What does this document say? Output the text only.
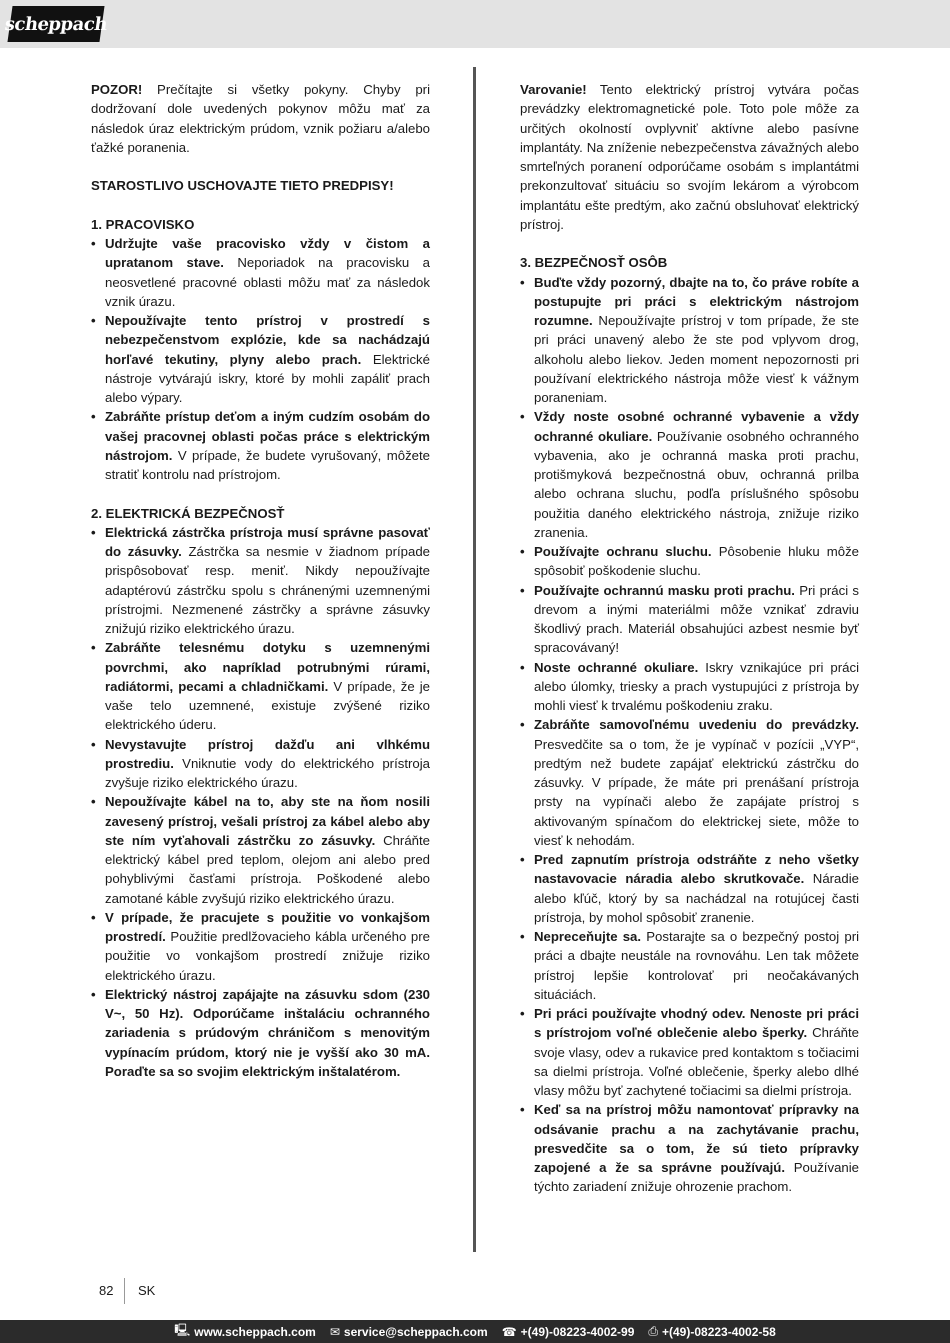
scheppach

POZOR! Prečítajte si všetky pokyny. Chyby pri dodržovaní dole uvedených pokynov môžu mať za následok úraz elektrickým prúdom, vznik požiaru a/alebo ťažké poranenia.

STAROSTLIVO USCHOVAJTE TIETO PREDPISY!

1. PRACOVISKO

• Udržujte vaše pracovisko vždy v čistom a upratanom stave. Neporiadok na pracovisku a neosvetlené pracovné oblasti môžu mať za následok vznik úrazu.
• Nepoužívajte tento prístroj v prostredí s nebezpečenstvom explózie, kde sa nachádzajú horľavé tekutiny, plyny alebo prach. Elektrické nástroje vytvárajú iskry, ktoré by mohli zapáliť prach alebo výpary.
• Zabráňte prístup deťom a iným cudzím osobám do vašej pracovnej oblasti počas práce s elektrickým nástrojom. V prípade, že budete vyrušovaný, môžete stratiť kontrolu nad prístrojom.

2. ELEKTRICKÁ BEZPEČNOSŤ

• Elektrická zástrčka prístroja musí správne pasovať do zásuvky. Zástrčka sa nesmie v žiadnom prípade prispôsobovať resp. meniť. Nikdy nepoužívajte adaptérovú zástrčku spolu s chránenými uzemnenými prístrojmi. Nezmenené zástrčky a správne zásuvky znižujú riziko elektrického úrazu.
• Zabráňte telesnému dotyku s uzemnenými povrchmi, ako napríklad potrubnými rúrami, radiátormi, pecami a chladničkami. V prípade, že je vaše telo uzemnené, existuje zvýšené riziko elektrického úderu.
• Nevystavujte prístroj dažďu ani vlhkému prostrediu. Vniknutie vody do elektrického prístroja zvyšuje riziko elektrického úrazu.
• Nepoužívajte kábel na to, aby ste na ňom nosili zavesený prístroj, vešali prístroj za kábel alebo aby ste ním vyťahovali zástrčku zo zásuvky. Chráňte elektrický kábel pred teplom, olejom ani alebo pred pohyblivými časťami prístroja. Poškodené alebo zamotané káble zvyšujú riziko elektrického úrazu.
• V prípade, že pracujete s použitie vo vonkajšom prostredí. Použitie predlžovacieho kábla určeného pre použitie vo vonkajšom prostredí znižuje riziko elektrického úrazu.
• Elektrický nástroj zapájajte na zásuvku sdom (230 V~, 50 Hz). Odporúčame inštaláciu ochranného zariadenia s prúdovým chráničom s menovitým vypínacím prúdom, ktorý nie je vyšší ako 30 mA. Poraďte sa so svojim elektrickým inštalatérom.

Varovanie! Tento elektrický prístroj vytvára počas prevádzky elektromagnetické pole. Toto pole môže za určitých okolností ovplyvniť aktívne alebo pasívne implantáty. Na zníženie nebezpečenstva závažných alebo smrteľných poranení odporúčame osobám s implantátmi prekonzultovať situáciu so svojím lekárom a výrobcom implantátu ešte predtým, ako začnú obsluhovať elektrický prístroj.

3. BEZPEČNOSŤ OSÔB

• Buďte vždy pozorný, dbajte na to, čo práve robíte a postupujte pri práci s elektrickým nástrojom rozumne. Nepoužívajte prístroj v tom prípade, že ste pri práci unavený alebo že ste pod vplyvom drog, alkoholu alebo liekov. Jeden moment nepozornosti pri používaní elektrického nástroja môže viesť k vážnym poraneniam.
• Vždy noste osobné ochranné vybavenie a vždy ochranné okuliare. Používanie osobného ochranného vybavenia, ako je ochranná maska proti prachu, protišmyková bezpečnostná obuv, ochranná prilba alebo ochrana sluchu, podľa príslušného spôsobu použitia daného elektrického nástroja, znižuje riziko zranenia.
• Používajte ochranu sluchu. Pôsobenie hluku môže spôsobiť poškodenie sluchu.
• Používajte ochrannú masku proti prachu. Pri práci s drevom a inými materiálmi môže vznikať zdraviu škodlivý prach. Materiál obsahujúci azbest nesmie byť spracovávaný!
• Noste ochranné okuliare. Iskry vznikajúce pri práci alebo úlomky, triesky a prach vystupujúci z prístroja by mohli viesť k trvalému poškodeniu zraku.
• Zabráňte samovoľnému uvedeniu do prevádzky. Presvedčite sa o tom, že je vypínač v pozícii „VYP“, predtým než budete zapájať elektrickú zástrčku do zásuvky. V prípade, že máte pri prenášaní prístroja prsty na vypínači alebo že zapájate prístroj s aktivovaným spínačom do elektrickej siete, môže to viesť k nehodám.
• Pred zapnutím prístroja odstráňte z neho všetky nastavovacie náradia alebo skrutkovače. Náradie alebo kľúč, ktorý by sa nachádzal na rotujúcej časti prístroja, by mohol spôsobiť zranenie.
• Nepreceňujte sa. Postarajte sa o bezpečný postoj pri práci a dbajte neustále na rovnováhu. Len tak môžete prístroj lepšie kontrolovať pri neočakávaných situáciách.
• Pri práci používajte vhodný odev. Nenoste pri práci s prístrojom voľné oblečenie alebo šperky. Chráňte svoje vlasy, odev a rukavice pred kontaktom s točiacimi sa dielmi prístroja. Voľné oblečenie, šperky alebo dlhé vlasy môžu byť zachytené točiacimi sa dielmi prístroja.
• Keď sa na prístroj môžu namontovať prípravky na odsávanie prachu a na zachytávanie prachu, presvedčite sa o tom, že sú tieto prípravky zapojené a že sa správne používajú. Používanie týchto zariadení znižuje ohrozenie prachom.
82 SK
🖳 www.scheppach.com ✉ service@scheppach.com ☎ +(49)-08223-4002-99 ⎙ +(49)-08223-4002-58
